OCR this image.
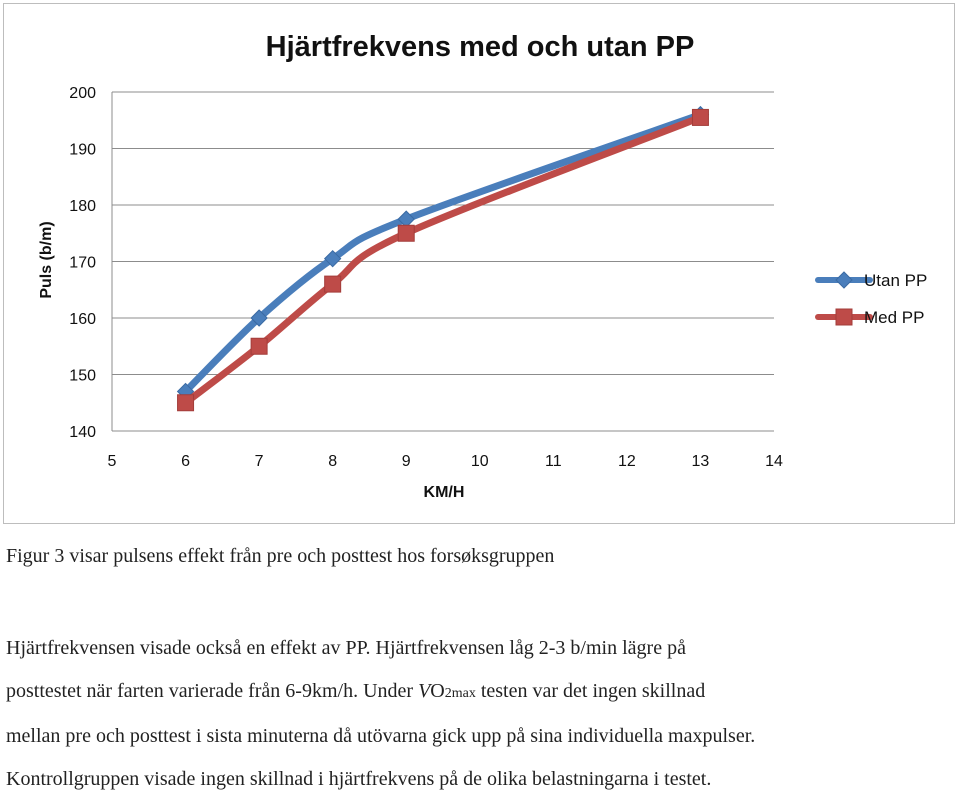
Hjärtfrekvens med och utan PP
Puls (b/m)
KM/H
140
150
160
170
180
190
200
5	6	7	8	9	10	11	12	13	14
Utan PP
Med PP
Figur 3 visar pulsens effekt från pre och posttest hos forsøksgruppen
Hjärtfrekvensen visade också en effekt av PP. Hjärtfrekvensen låg 2-3 b/min lägre på
posttestet när farten varierade från 6-9km/h. Under VO2max testen var det ingen skillnad
mellan pre och posttest i sista minuterna då utövarna gick upp på sina individuella maxpulser.
Kontrollgruppen visade ingen skillnad i hjärtfrekvens på de olika belastningarna i testet.
